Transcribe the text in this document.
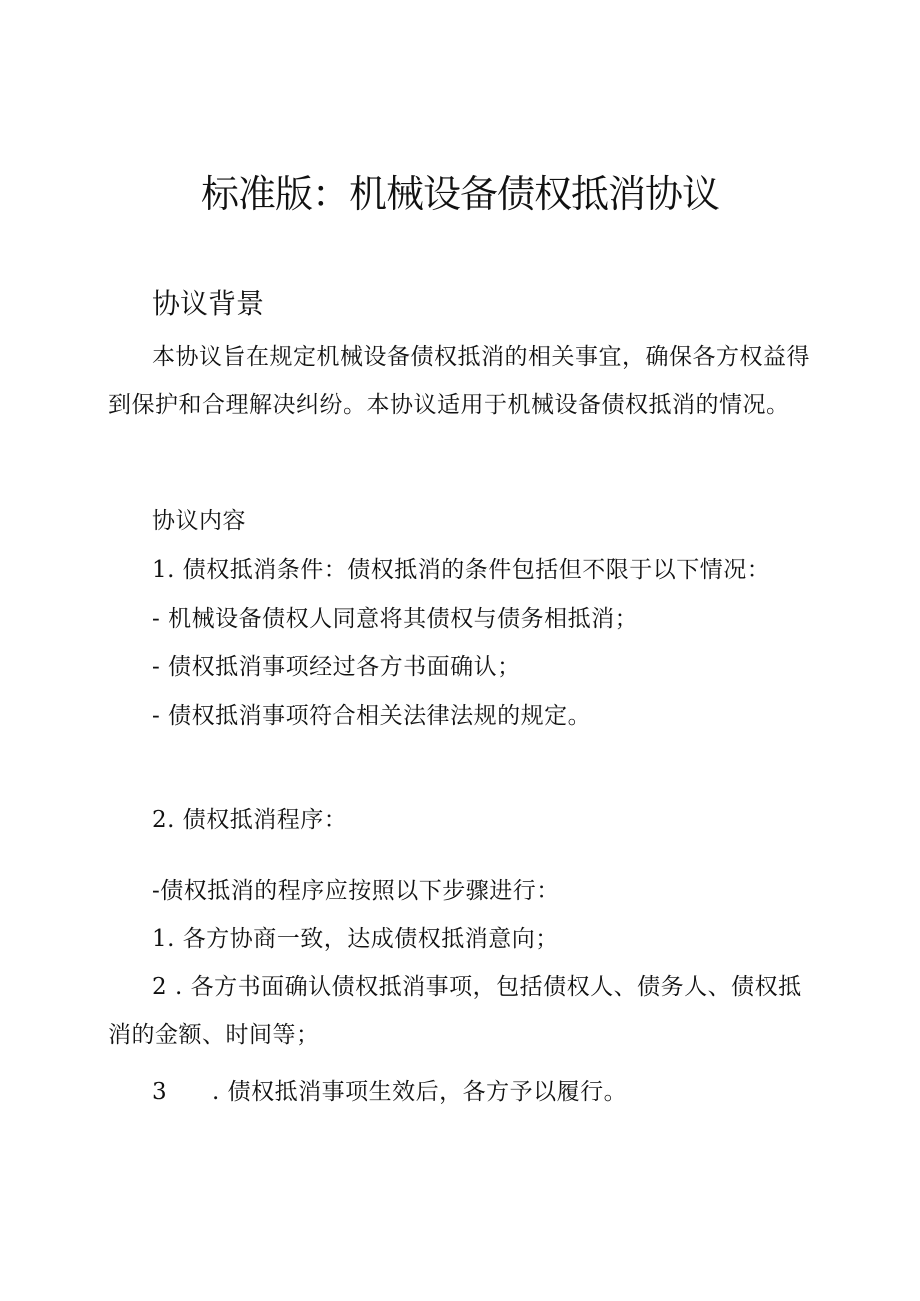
标准版：机械设备债权抵消协议
协议背景

本协议旨在规定机械设备债权抵消的相关事宜，确保各方权益得到保护和合理解决纠纷。本协议适用于机械设备债权抵消的情况。

协议内容

1. 债权抵消条件：债权抵消的条件包括但不限于以下情况：

- 机械设备债权人同意将其债权与债务相抵消；

- 债权抵消事项经过各方书面确认；

- 债权抵消事项符合相关法律法规的规定。

2. 债权抵消程序：

-债权抵消的程序应按照以下步骤进行：

1. 各方协商一致，达成债权抵消意向；

2 . 各方书面确认债权抵消事项，包括债权人、债务人、债权抵消的金额、时间等；

3 . 债权抵消事项生效后，各方予以履行。
